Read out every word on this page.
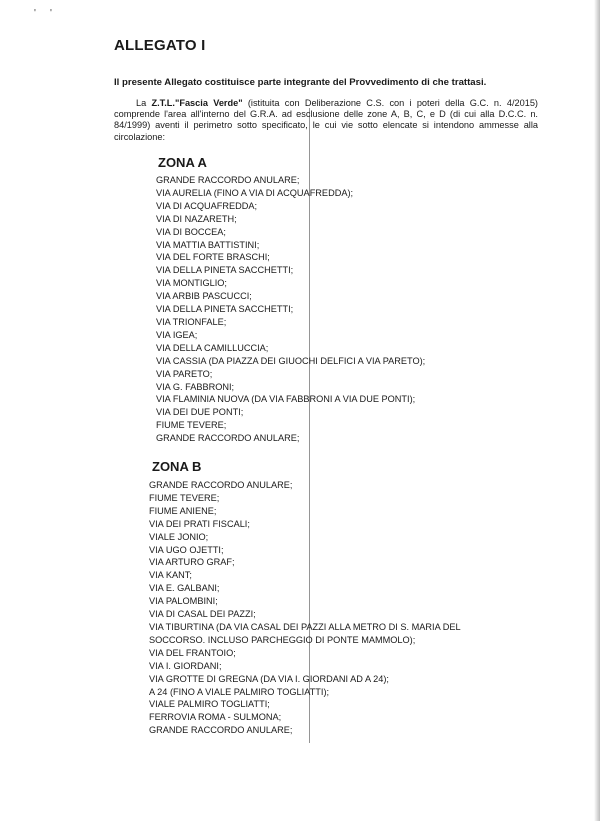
' '
ALLEGATO I
Il presente Allegato costituisce parte integrante del Provvedimento di che trattasi.
La Z.T.L."Fascia Verde" (istituita con Deliberazione C.S. con i poteri della G.C. n. 4/2015) comprende l'area all'interno del G.R.A. ad esclusione delle zone A, B, C, e D (di cui alla D.C.C. n. 84/1999) aventi il perimetro sotto specificato, le cui vie sotto elencate si intendono ammesse alla circolazione:
ZONA A
GRANDE RACCORDO ANULARE;
VIA AURELIA (FINO A VIA DI ACQUAFREDDA);
VIA DI ACQUAFREDDA;
VIA DI NAZARETH;
VIA DI BOCCEA;
VIA MATTIA BATTISTINI;
VIA DEL FORTE BRASCHI;
VIA DELLA PINETA SACCHETTI;
VIA MONTIGLIO;
VIA ARBIB PASCUCCI;
VIA DELLA PINETA SACCHETTI;
VIA TRIONFALE;
VIA IGEA;
VIA DELLA CAMILLUCCIA;
VIA CASSIA (DA PIAZZA DEI GIUOCHI DELFICI A VIA PARETO);
VIA PARETO;
VIA G. FABBRONI;
VIA FLAMINIA NUOVA (DA VIA FABBRONI A VIA DUE PONTI);
VIA DEI DUE PONTI;
FIUME TEVERE;
GRANDE RACCORDO ANULARE;
ZONA B
GRANDE RACCORDO ANULARE;
FIUME TEVERE;
FIUME ANIENE;
VIA DEI PRATI FISCALI;
VIALE JONIO;
VIA UGO OJETTI;
VIA ARTURO GRAF;
VIA KANT;
VIA E. GALBANI;
VIA PALOMBINI;
VIA DI CASAL DEI PAZZI;
VIA TIBURTINA (DA VIA CASAL DEI PAZZI ALLA METRO DI S. MARIA DEL
SOCCORSO. INCLUSO PARCHEGGIO DI PONTE MAMMOLO);
VIA DEL FRANTOIO;
VIA I. GIORDANI;
VIA GROTTE DI GREGNA (DA VIA I. GIORDANI AD A 24);
A 24 (FINO A VIALE PALMIRO TOGLIATTI);
VIALE PALMIRO TOGLIATTI;
FERROVIA ROMA - SULMONA;
GRANDE RACCORDO ANULARE;
